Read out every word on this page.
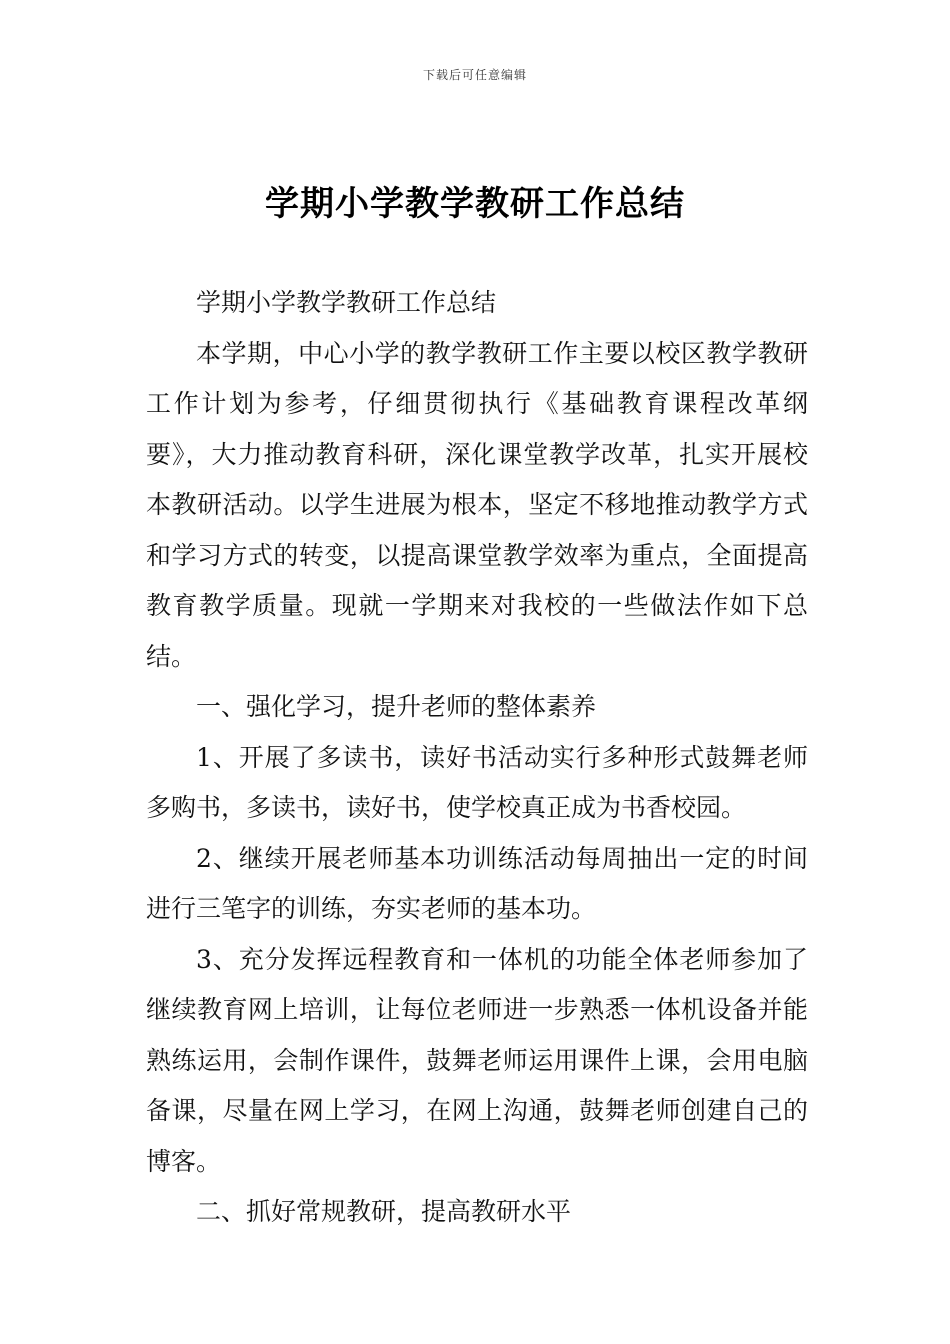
下载后可任意编辑
学期小学教学教研工作总结

学期小学教学教研工作总结

本学期，中心小学的教学教研工作主要以校区教学教研工作计划为参考，仔细贯彻执行《基础教育课程改革纲要》，大力推动教育科研，深化课堂教学改革，扎实开展校本教研活动。以学生进展为根本，坚定不移地推动教学方式和学习方式的转变，以提高课堂教学效率为重点，全面提高教育教学质量。现就一学期来对我校的一些做法作如下总结。

一、强化学习，提升老师的整体素养

1、开展了多读书，读好书活动实行多种形式鼓舞老师多购书，多读书，读好书，使学校真正成为书香校园。

2、继续开展老师基本功训练活动每周抽出一定的时间进行三笔字的训练，夯实老师的基本功。

3、充分发挥远程教育和一体机的功能全体老师参加了继续教育网上培训，让每位老师进一步熟悉一体机设备并能熟练运用，会制作课件，鼓舞老师运用课件上课，会用电脑备课，尽量在网上学习，在网上沟通，鼓舞老师创建自己的博客。

二、抓好常规教研，提高教研水平
